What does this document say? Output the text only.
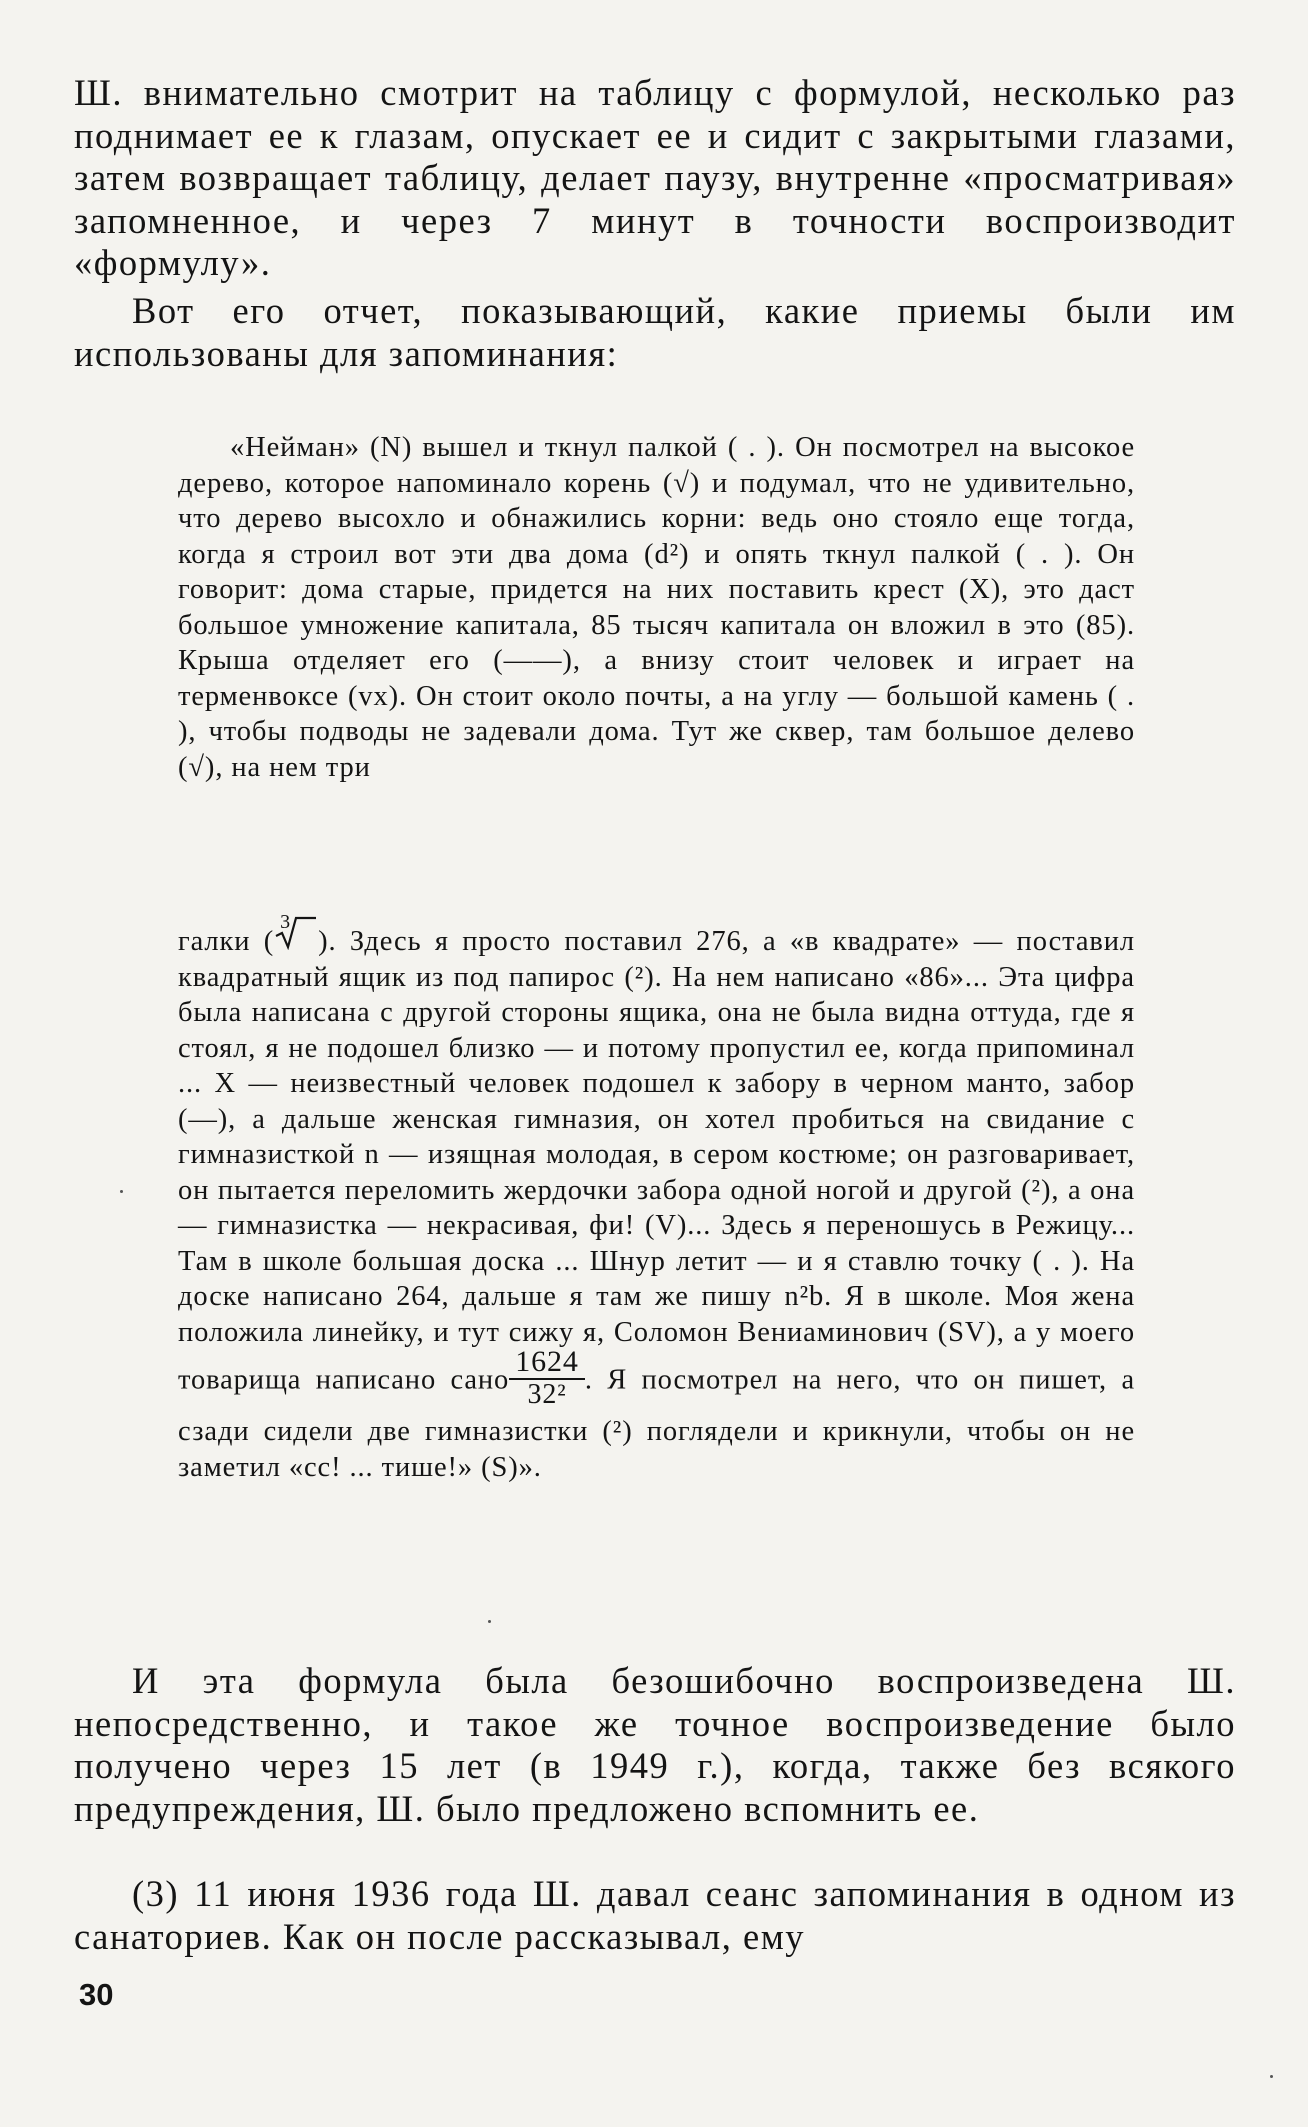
Ш. внимательно смотрит на таблицу с формулой, несколько раз поднимает ее к глазам, опускает ее и сидит с закрытыми глазами, затем возвращает таблицу, делает паузу, внутренне «просматривая» запомненное, и через 7 минут в точности воспроизводит «формулу».

Вот его отчет, показывающий, какие приемы были им использованы для запоминания:

«Нейман» (N) вышел и ткнул палкой ( . ). Он посмотрел на высокое дерево, которое напоминало корень (√) и подумал, что не удивительно, что дерево высохло и обнажились корни: ведь оно стояло еще тогда, когда я строил вот эти два дома (d²) и опять ткнул палкой ( . ). Он говорит: дома старые, придется на них поставить крест (X), это даст большое умножение капитала, 85 тысяч капитала он вложил в это (85). Крыша отделяет его (——), а внизу стоит человек и играет на терменвоксе (vx). Он стоит около почты, а на углу — большой камень ( . ), чтобы подводы не задевали дома. Тут же сквер, там большое делево (√), на нем три

галки (
3
). Здесь я просто поставил 276, а «в квадрате» — поставил квадратный ящик из под папирос (²). На нем написано «86»... Эта цифра была написана с другой стороны ящика, она не была видна оттуда, где я стоял, я не подошел близко — и потому пропустил ее, когда припоминал ... X — неизвестный человек подошел к забору в черном манто, забор (—), а дальше женская гимназия, он хотел пробиться на свидание с гимназисткой n — изящная молодая, в сером костюме; он разговаривает, он пытается переломить жердочки забора одной ногой и другой (²), а она — гимназистка — некрасивая, фи! (V)... Здесь я переношусь в Режицу... Там в школе большая доска ... Шнур летит — и я ставлю точку ( . ). На доске написано 264, дальше я там же пишу n²b. Я в школе. Моя жена положила линейку, и тут сижу я, Соломон Вениаминович (SV), а у моего товарища написано сано $\frac{1624}{\text{32²}}$ . Я посмотрел на него, что он пишет, а сзади сидели две гимназистки (²) поглядели и крикнули, чтобы он не заметил «сс! ... тише!» (S)».

И эта формула была безошибочно воспроизведена Ш. непосредственно, и такое же точное воспроизведение было получено через 15 лет (в 1949 г.), когда, также без всякого предупреждения, Ш. было предложено вспомнить ее.

(3) 11 июня 1936 года Ш. давал сеанс запоминания в одном из санаториев. Как он после рассказывал, ему

30
